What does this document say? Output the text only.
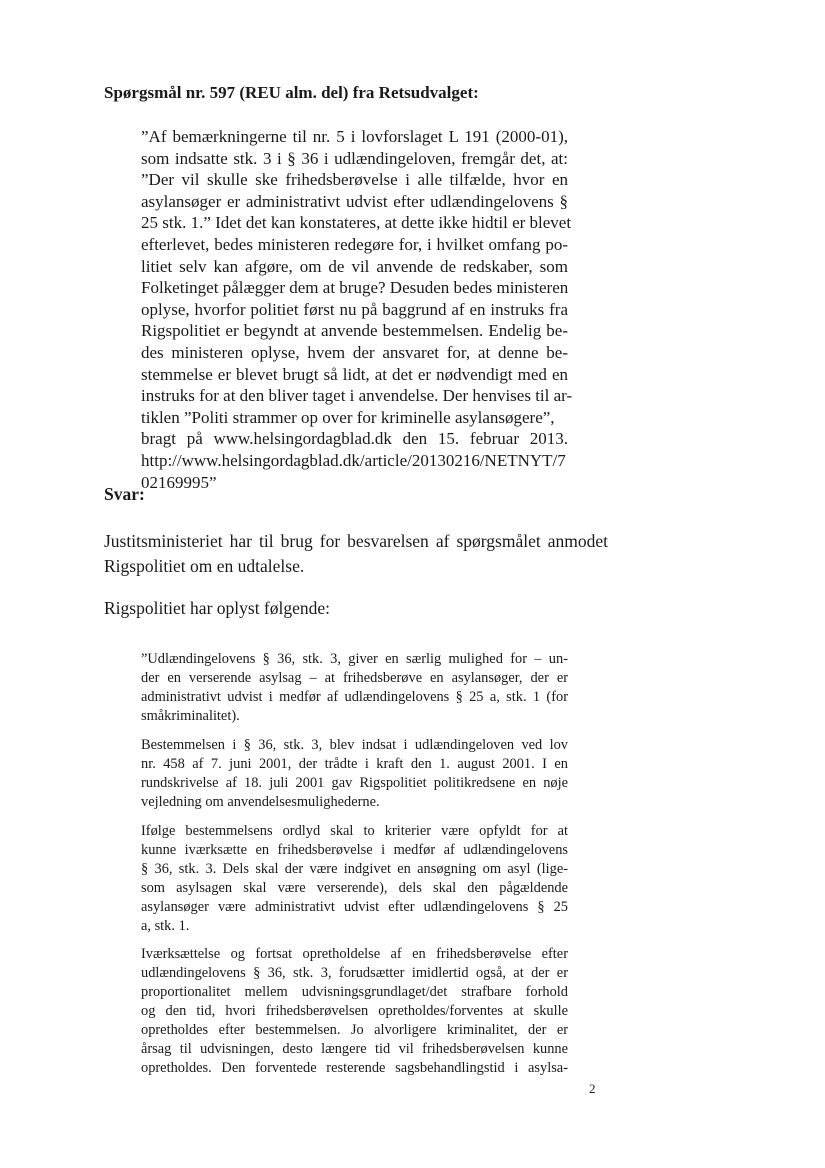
Spørgsmål nr. 597 (REU alm. del) fra Retsudvalget:
”Af bemærkningerne til nr. 5 i lovforslaget L 191 (2000-01),
som indsatte stk. 3 i § 36 i udlændingeloven, fremgår det, at:
”Der vil skulle ske frihedsberøvelse i alle tilfælde, hvor en
asylansøger er administrativt udvist efter udlændingelovens §
25 stk. 1.” Idet det kan konstateres, at dette ikke hidtil er blevet
efterlevet, bedes ministeren redegøre for, i hvilket omfang po-
litiet selv kan afgøre, om de vil anvende de redskaber, som
Folketinget pålægger dem at bruge? Desuden bedes ministeren
oplyse, hvorfor politiet først nu på baggrund af en instruks fra
Rigspolitiet er begyndt at anvende bestemmelsen. Endelig be-
des ministeren oplyse, hvem der ansvaret for, at denne be-
stemmelse er blevet brugt så lidt, at det er nødvendigt med en
instruks for at den bliver taget i anvendelse. Der henvises til ar-
tiklen ”Politi strammer op over for kriminelle asylansøgere”,
bragt på www.helsingordagblad.dk den 15. februar 2013.
http://www.helsingordagblad.dk/article/20130216/NETNYT/7
02169995”
Svar:
Justitsministeriet har til brug for besvarelsen af spørgsmålet anmodet
Rigspolitiet om en udtalelse.
Rigspolitiet har oplyst følgende:
”Udlændingelovens § 36, stk. 3, giver en særlig mulighed for – un-
der en verserende asylsag – at frihedsberøve en asylansøger, der er
administrativt udvist i medfør af udlændingelovens § 25 a, stk. 1 (for
småkriminalitet).
Bestemmelsen i § 36, stk. 3, blev indsat i udlændingeloven ved lov
nr. 458 af 7. juni 2001, der trådte i kraft den 1. august 2001. I en
rundskrivelse af 18. juli 2001 gav Rigspolitiet politikredsene en nøje
vejledning om anvendelsesmulighederne.
Ifølge bestemmelsens ordlyd skal to kriterier være opfyldt for at
kunne iværksætte en frihedsberøvelse i medfør af udlændingelovens
§ 36, stk. 3. Dels skal der være indgivet en ansøgning om asyl (lige-
som asylsagen skal være verserende), dels skal den pågældende
asylansøger være administrativt udvist efter udlændingelovens § 25
a, stk. 1.
Iværksættelse og fortsat opretholdelse af en frihedsberøvelse efter
udlændingelovens § 36, stk. 3, forudsætter imidlertid også, at der er
proportionalitet mellem udvisningsgrundlaget/det strafbare forhold
og den tid, hvori frihedsberøvelsen opretholdes/forventes at skulle
opretholdes efter bestemmelsen. Jo alvorligere kriminalitet, der er
årsag til udvisningen, desto længere tid vil frihedsberøvelsen kunne
opretholdes. Den forventede resterende sagsbehandlingstid i asylsa-
2
